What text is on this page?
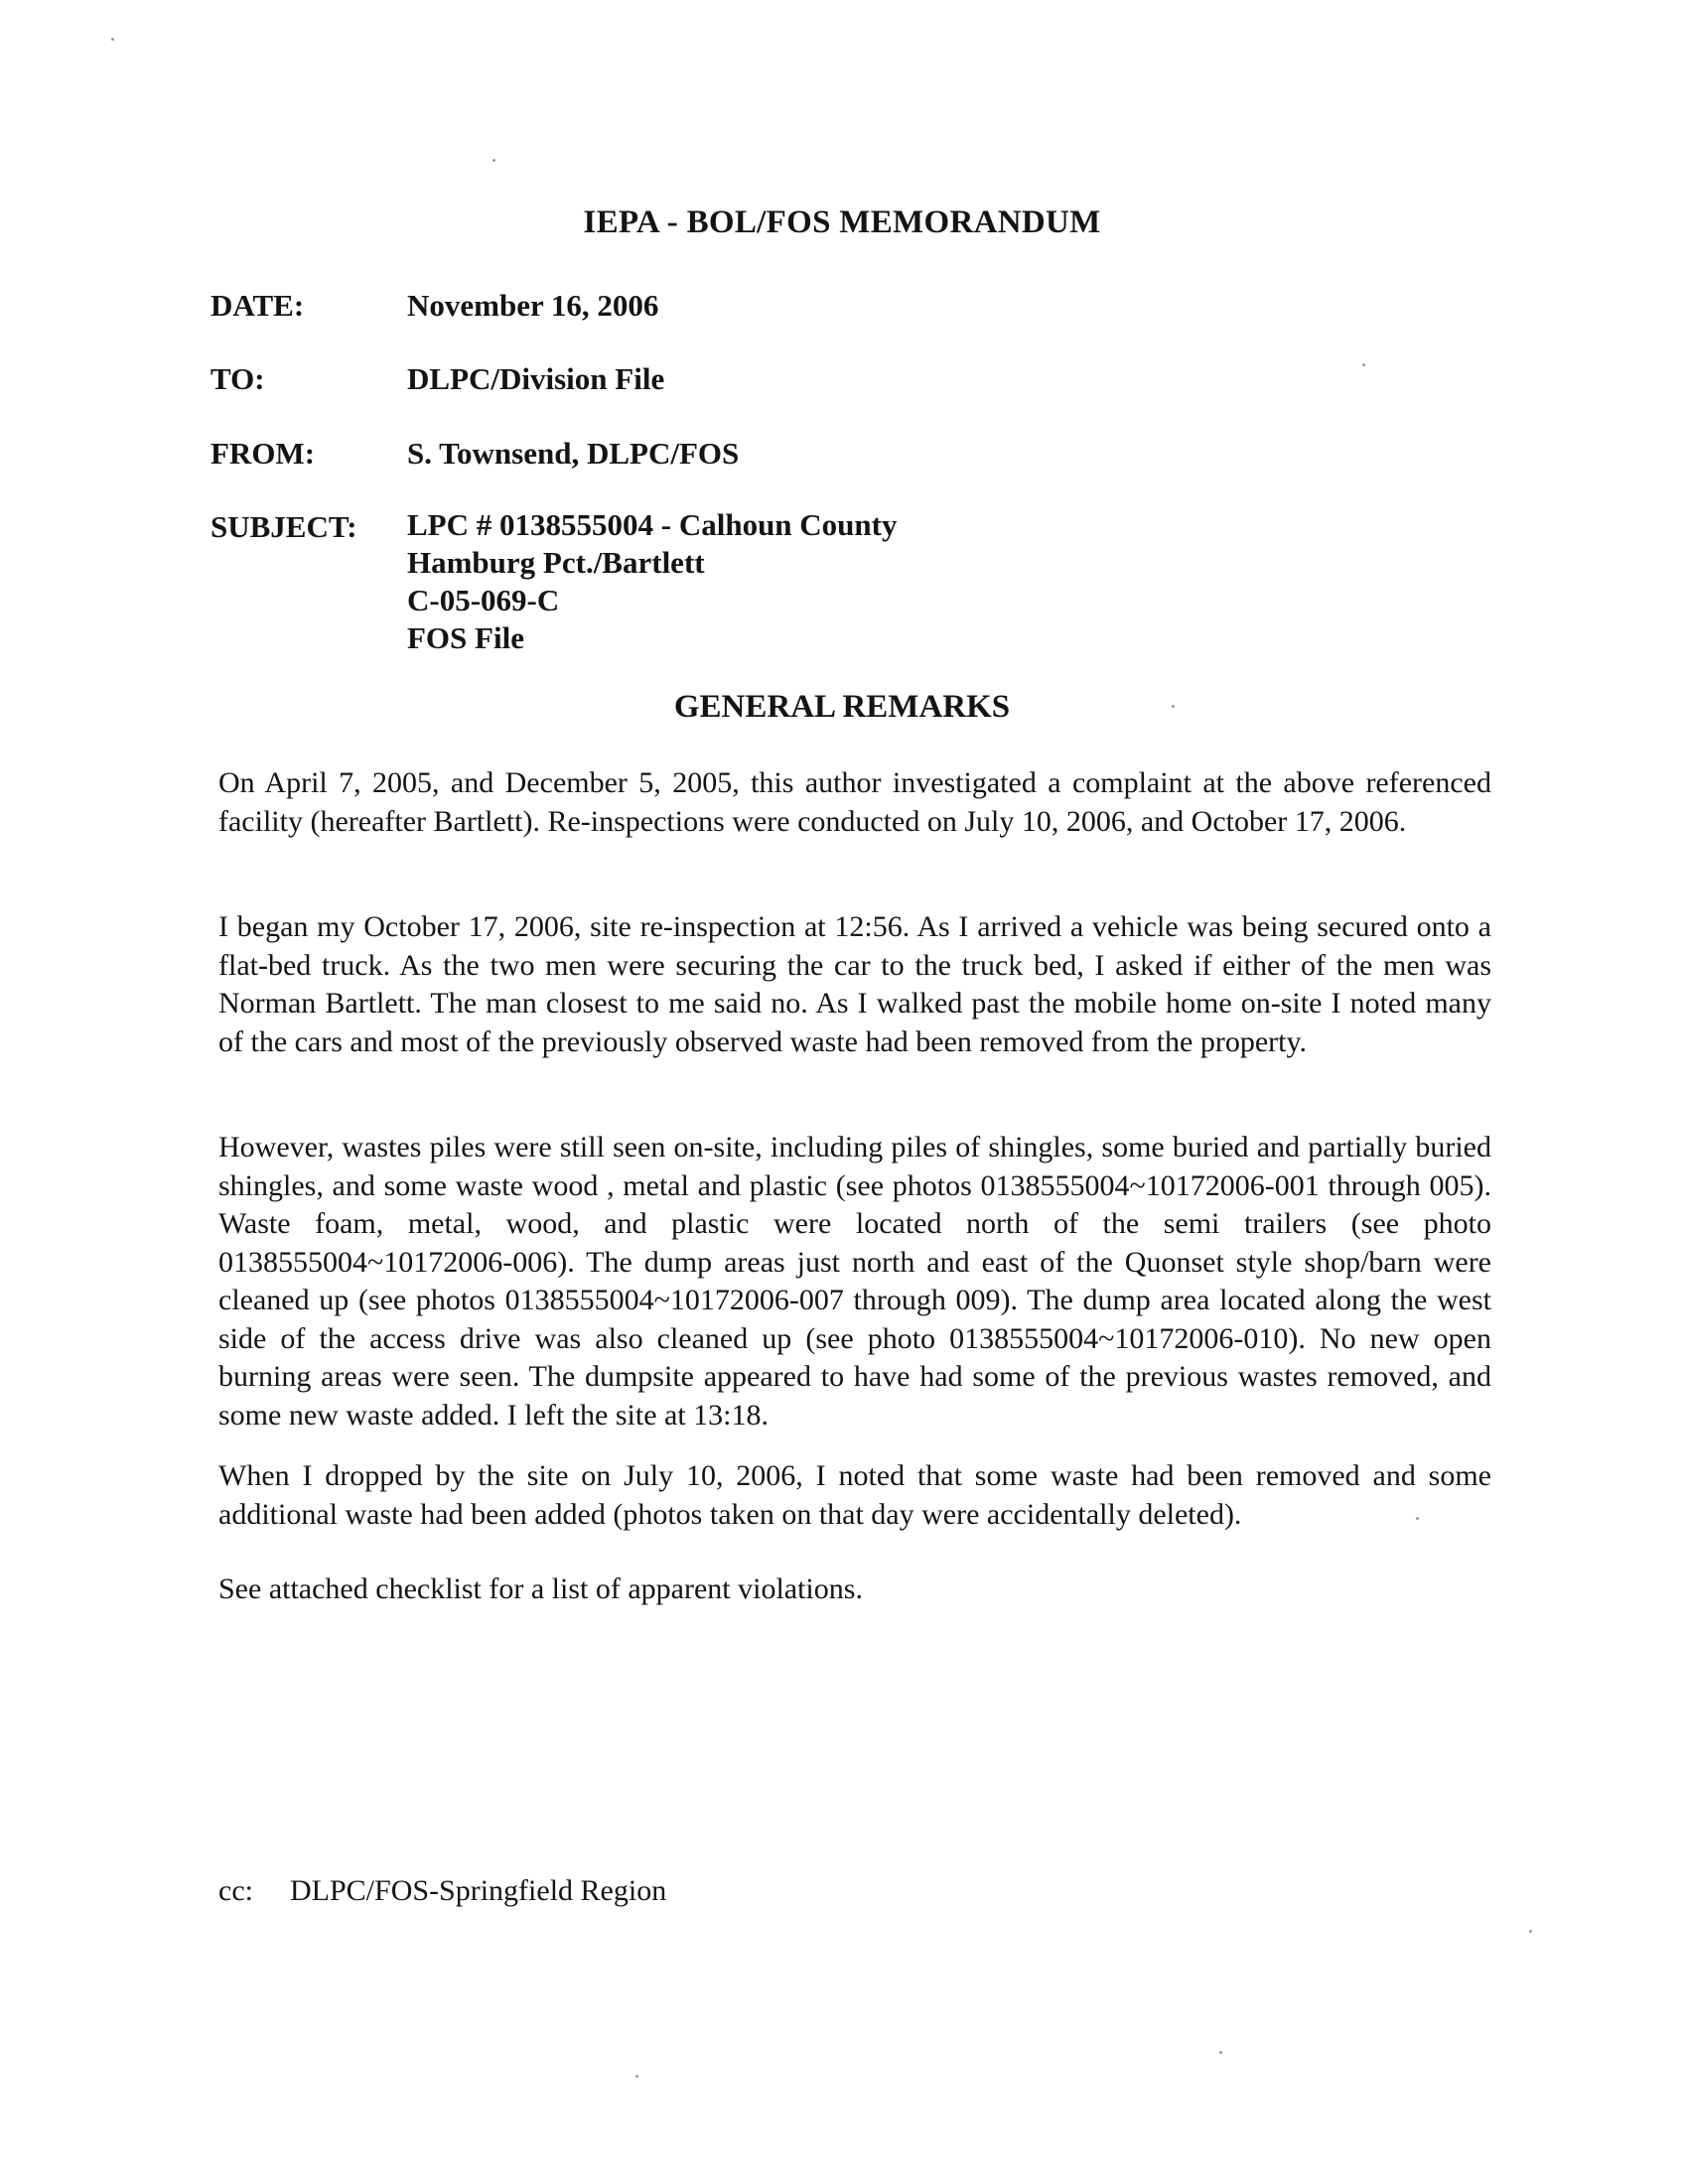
IEPA - BOL/FOS MEMORANDUM
DATE:	November 16, 2006
TO:	DLPC/Division File
FROM:	S. Townsend, DLPC/FOS
SUBJECT: LPC # 0138555004 - Calhoun County
Hamburg Pct./Bartlett
C-05-069-C
FOS File
GENERAL REMARKS

On April 7, 2005, and December 5, 2005, this author investigated a complaint at the above referenced facility (hereafter Bartlett). Re-inspections were conducted on July 10, 2006, and October 17, 2006.

I began my October 17, 2006, site re-inspection at 12:56. As I arrived a vehicle was being secured onto a flat-bed truck. As the two men were securing the car to the truck bed, I asked if either of the men was Norman Bartlett. The man closest to me said no. As I walked past the mobile home on-site I noted many of the cars and most of the previously observed waste had been removed from the property.

However, wastes piles were still seen on-site, including piles of shingles, some buried and partially buried shingles, and some waste wood , metal and plastic (see photos 0138555004~10172006-001 through 005). Waste foam, metal, wood, and plastic were located north of the semi trailers (see photo 0138555004~10172006-006). The dump areas just north and east of the Quonset style shop/barn were cleaned up (see photos 0138555004~10172006-007 through 009). The dump area located along the west side of the access drive was also cleaned up (see photo 0138555004~10172006-010). No new open burning areas were seen. The dumpsite appeared to have had some of the previous wastes removed, and some new waste added. I left the site at 13:18.

When I dropped by the site on July 10, 2006, I noted that some waste had been removed and some additional waste had been added (photos taken on that day were accidentally deleted).

See attached checklist for a list of apparent violations.

cc: DLPC/FOS-Springfield Region
